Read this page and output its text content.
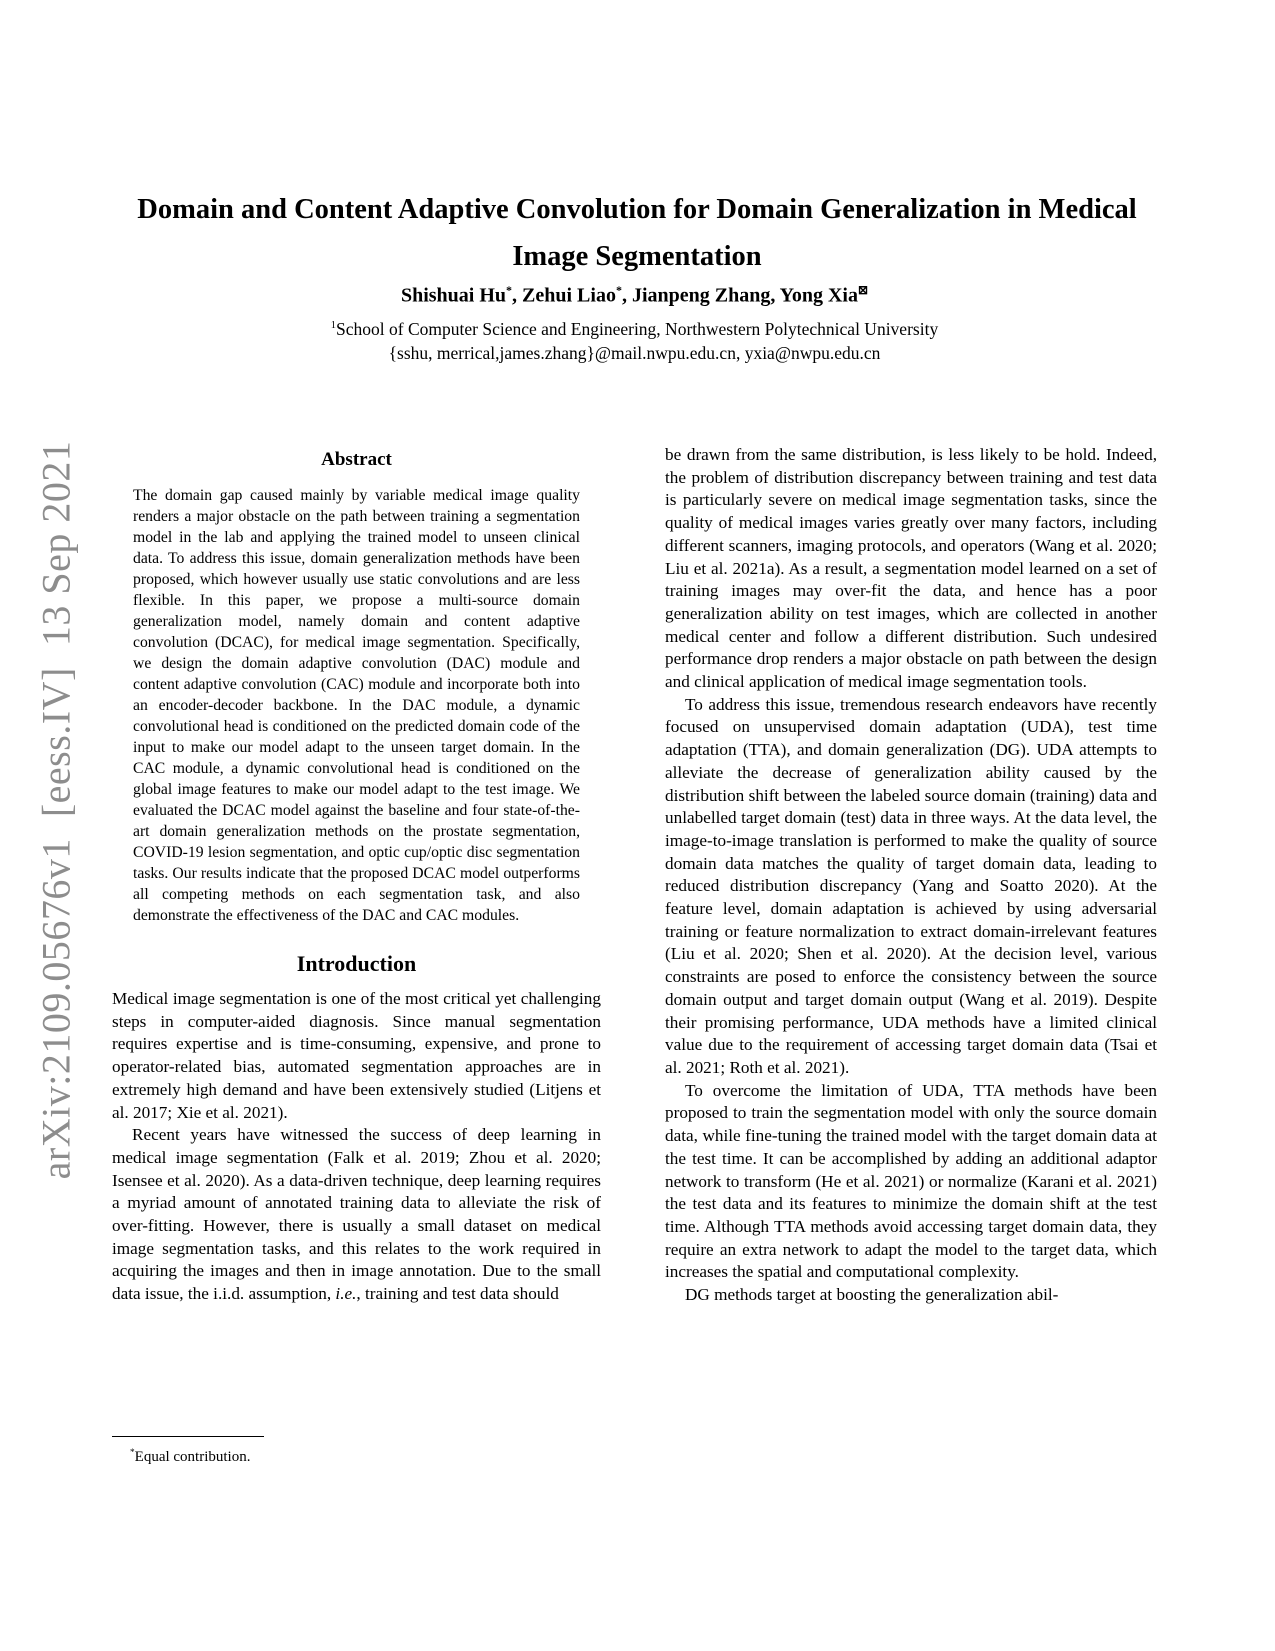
arXiv:2109.05676v1  [eess.IV]  13 Sep 2021
Domain and Content Adaptive Convolution for Domain Generalization in Medical Image Segmentation
Shishuai Hu*, Zehui Liao*, Jianpeng Zhang, Yong Xia⊠
$^1$School of Computer Science and Engineering, Northwestern Polytechnical University
{sshu, merrical,james.zhang}@mail.nwpu.edu.cn, yxia@nwpu.edu.cn
Abstract
The domain gap caused mainly by variable medical image quality renders a major obstacle on the path between training a segmentation model in the lab and applying the trained model to unseen clinical data. To address this issue, domain generalization methods have been proposed, which however usually use static convolutions and are less flexible. In this paper, we propose a multi-source domain generalization model, namely domain and content adaptive convolution (DCAC), for medical image segmentation. Specifically, we design the domain adaptive convolution (DAC) module and content adaptive convolution (CAC) module and incorporate both into an encoder-decoder backbone. In the DAC module, a dynamic convolutional head is conditioned on the predicted domain code of the input to make our model adapt to the unseen target domain. In the CAC module, a dynamic convolutional head is conditioned on the global image features to make our model adapt to the test image. We evaluated the DCAC model against the baseline and four state-of-the-art domain generalization methods on the prostate segmentation, COVID-19 lesion segmentation, and optic cup/optic disc segmentation tasks. Our results indicate that the proposed DCAC model outperforms all competing methods on each segmentation task, and also demonstrate the effectiveness of the DAC and CAC modules.
Introduction

Medical image segmentation is one of the most critical yet challenging steps in computer-aided diagnosis. Since manual segmentation requires expertise and is time-consuming, expensive, and prone to operator-related bias, automated segmentation approaches are in extremely high demand and have been extensively studied (Litjens et al. 2017; Xie et al. 2021).

Recent years have witnessed the success of deep learning in medical image segmentation (Falk et al. 2019; Zhou et al. 2020; Isensee et al. 2020). As a data-driven technique, deep learning requires a myriad amount of annotated training data to alleviate the risk of over-fitting. However, there is usually a small dataset on medical image segmentation tasks, and this relates to the work required in acquiring the images and then in image annotation. Due to the small data issue, the i.i.d. assumption, i.e., training and test data should

be drawn from the same distribution, is less likely to be hold. Indeed, the problem of distribution discrepancy between training and test data is particularly severe on medical image segmentation tasks, since the quality of medical images varies greatly over many factors, including different scanners, imaging protocols, and operators (Wang et al. 2020; Liu et al. 2021a). As a result, a segmentation model learned on a set of training images may over-fit the data, and hence has a poor generalization ability on test images, which are collected in another medical center and follow a different distribution. Such undesired performance drop renders a major obstacle on path between the design and clinical application of medical image segmentation tools.

To address this issue, tremendous research endeavors have recently focused on unsupervised domain adaptation (UDA), test time adaptation (TTA), and domain generalization (DG). UDA attempts to alleviate the decrease of generalization ability caused by the distribution shift between the labeled source domain (training) data and unlabelled target domain (test) data in three ways. At the data level, the image-to-image translation is performed to make the quality of source domain data matches the quality of target domain data, leading to reduced distribution discrepancy (Yang and Soatto 2020). At the feature level, domain adaptation is achieved by using adversarial training or feature normalization to extract domain-irrelevant features (Liu et al. 2020; Shen et al. 2020). At the decision level, various constraints are posed to enforce the consistency between the source domain output and target domain output (Wang et al. 2019). Despite their promising performance, UDA methods have a limited clinical value due to the requirement of accessing target domain data (Tsai et al. 2021; Roth et al. 2021).

To overcome the limitation of UDA, TTA methods have been proposed to train the segmentation model with only the source domain data, while fine-tuning the trained model with the target domain data at the test time. It can be accomplished by adding an additional adaptor network to transform (He et al. 2021) or normalize (Karani et al. 2021) the test data and its features to minimize the domain shift at the test time. Although TTA methods avoid accessing target domain data, they require an extra network to adapt the model to the target data, which increases the spatial and computational complexity.

DG methods target at boosting the generalization abil-

*Equal contribution.
